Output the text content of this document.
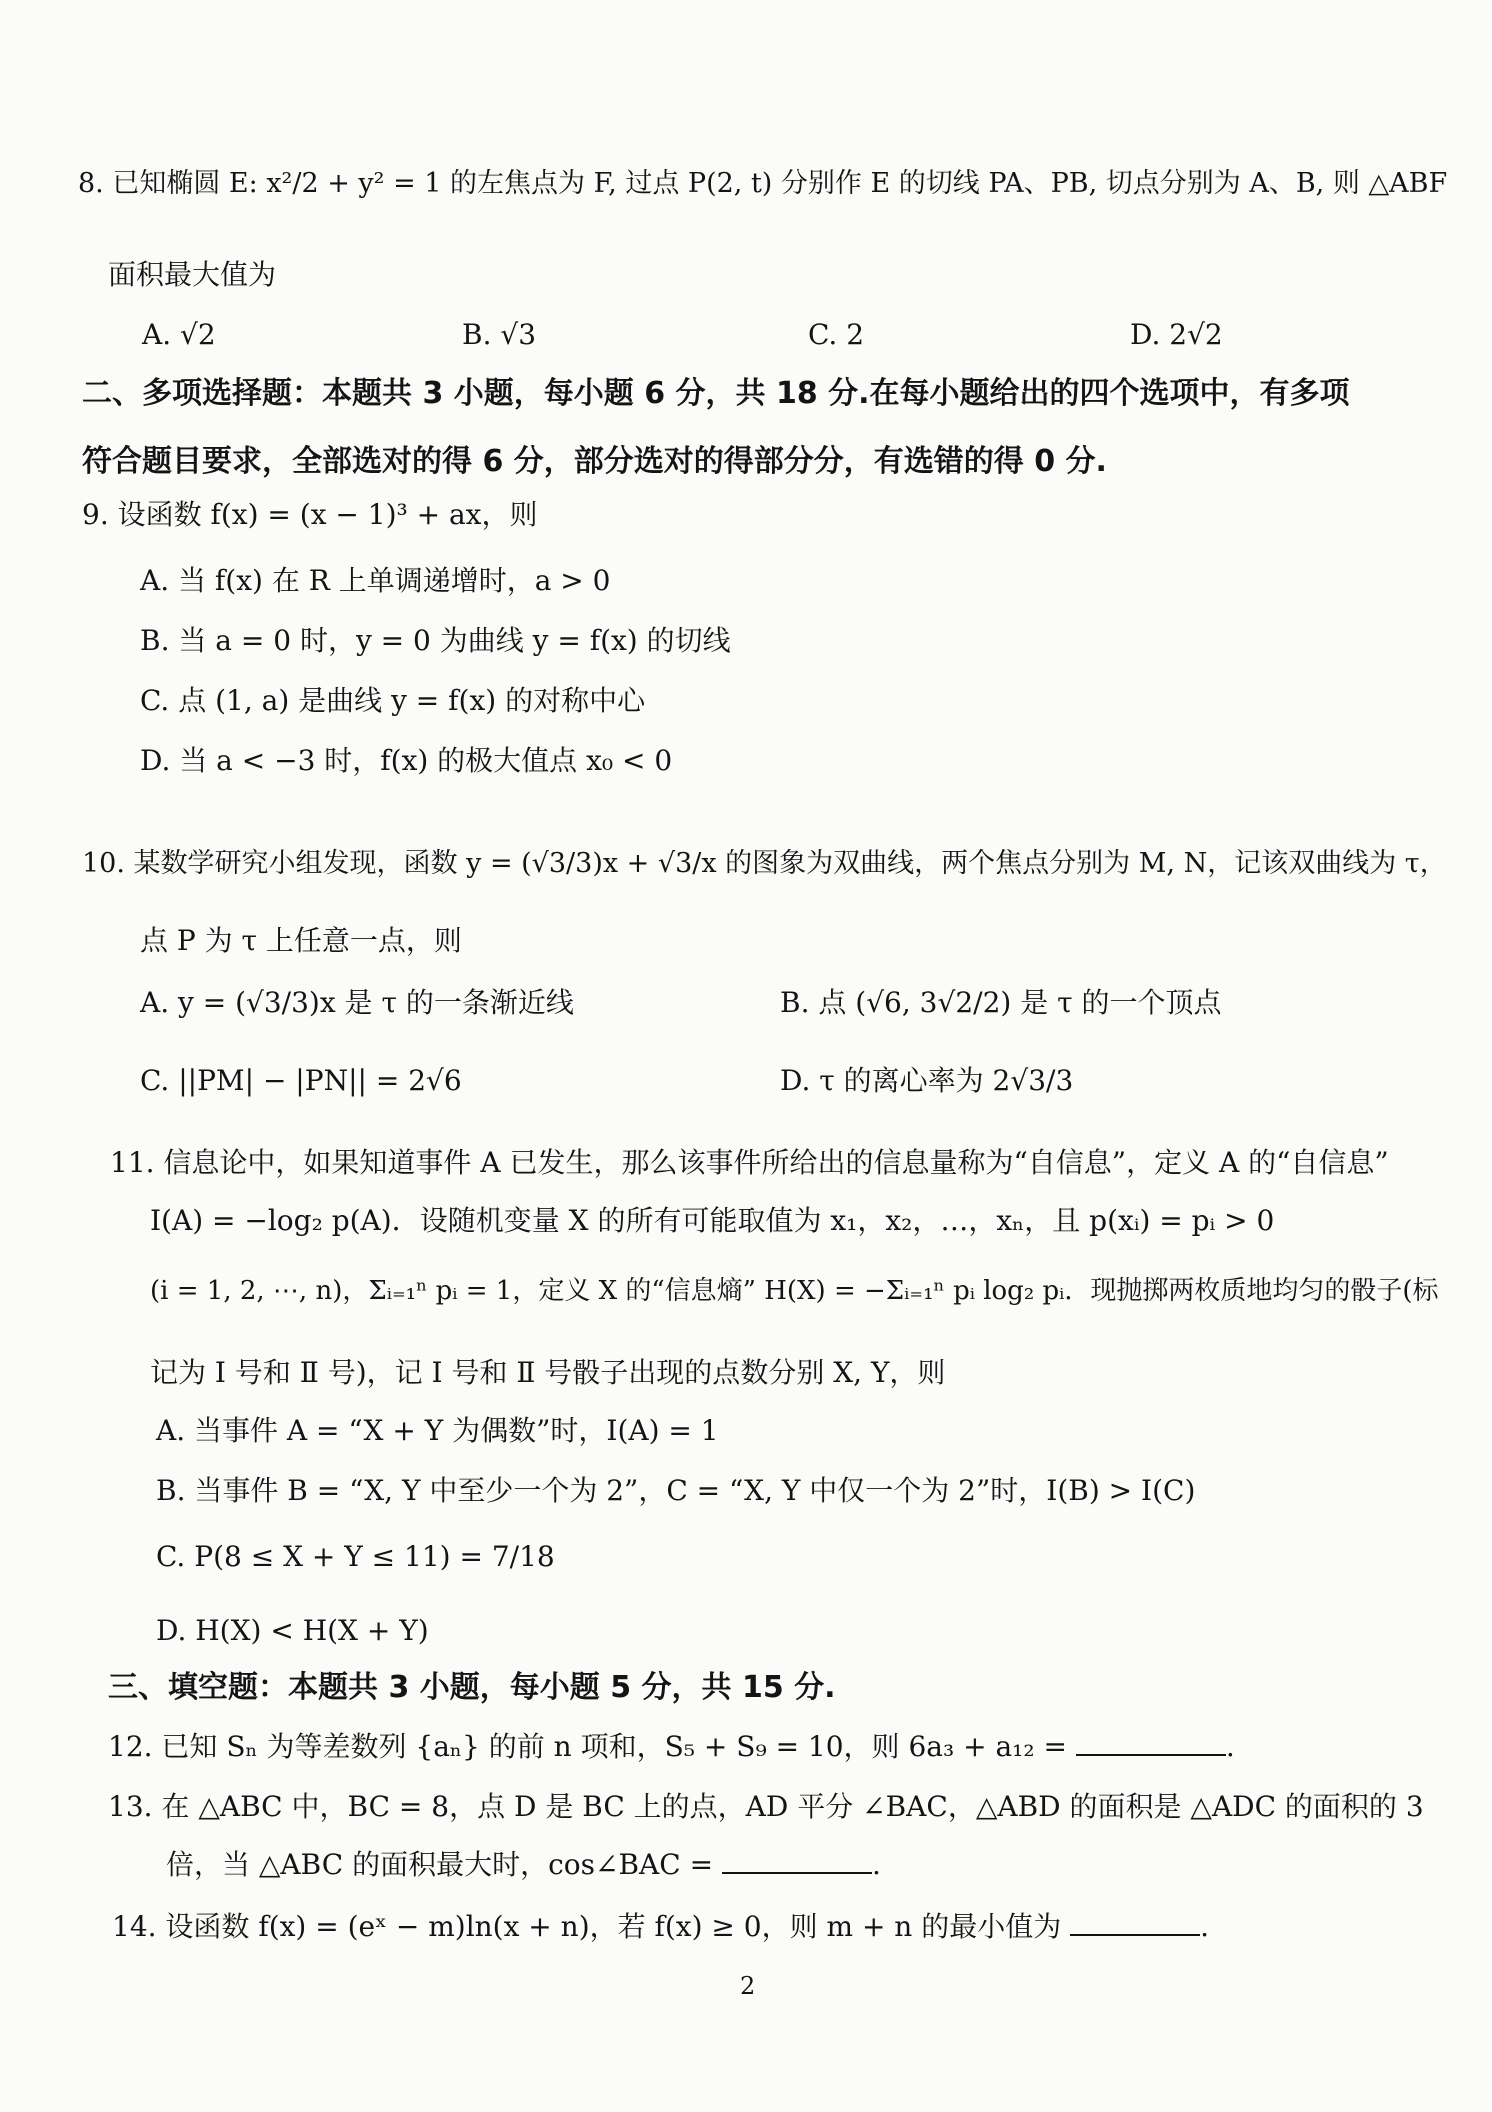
8. 已知椭圆 E: x²/2 + y² = 1 的左焦点为 F, 过点 P(2, t) 分别作 E 的切线 PA、PB, 切点分别为 A、B, 则 △ABF
面积最大值为
A. √2	B. √3	C. 2	D. 2√2
二、多项选择题：本题共 3 小题，每小题 6 分，共 18 分.在每小题给出的四个选项中，有多项
符合题目要求，全部选对的得 6 分，部分选对的得部分分，有选错的得 0 分.
9. 设函数 f(x) = (x − 1)³ + ax，则
A. 当 f(x) 在 R 上单调递增时，a > 0
B. 当 a = 0 时，y = 0 为曲线 y = f(x) 的切线
C. 点 (1, a) 是曲线 y = f(x) 的对称中心
D. 当 a < −3 时，f(x) 的极大值点 x₀ < 0
10. 某数学研究小组发现，函数 y = (√3/3)x + √3/x 的图象为双曲线，两个焦点分别为 M, N，记该双曲线为 τ，
点 P 为 τ 上任意一点，则
A. y = (√3/3)x 是 τ 的一条渐近线	B. 点 (√6, 3√2/2) 是 τ 的一个顶点
C. ||PM| − |PN|| = 2√6	D. τ 的离心率为 2√3/3
11. 信息论中，如果知道事件 A 已发生，那么该事件所给出的信息量称为“自信息”，定义 A 的“自信息”
I(A) = −log₂ p(A)．设随机变量 X 的所有可能取值为 x₁，x₂，…，xₙ，且 p(xᵢ) = pᵢ > 0
(i = 1, 2, ⋯, n)，Σᵢ₌₁ⁿ pᵢ = 1，定义 X 的“信息熵” H(X) = −Σᵢ₌₁ⁿ pᵢ log₂ pᵢ．现抛掷两枚质地均匀的骰子(标
记为 Ⅰ 号和 Ⅱ 号)，记 Ⅰ 号和 Ⅱ 号骰子出现的点数分别 X, Y，则
A. 当事件 A = “X + Y 为偶数”时，I(A) = 1
B. 当事件 B = “X, Y 中至少一个为 2”，C = “X, Y 中仅一个为 2”时，I(B) > I(C)
C. P(8 ≤ X + Y ≤ 11) = 7/18
D. H(X) < H(X + Y)
三、填空题：本题共 3 小题，每小题 5 分，共 15 分.
12. 已知 Sₙ 为等差数列 {aₙ} 的前 n 项和，S₅ + S₉ = 10，则 6a₃ + a₁₂ =	.
13. 在 △ABC 中，BC = 8，点 D 是 BC 上的点，AD 平分 ∠BAC，△ABD 的面积是 △ADC 的面积的 3
倍，当 △ABC 的面积最大时，cos∠BAC =	.
14. 设函数 f(x) = (eˣ − m)ln(x + n)，若 f(x) ≥ 0，则 m + n 的最小值为	.
2
